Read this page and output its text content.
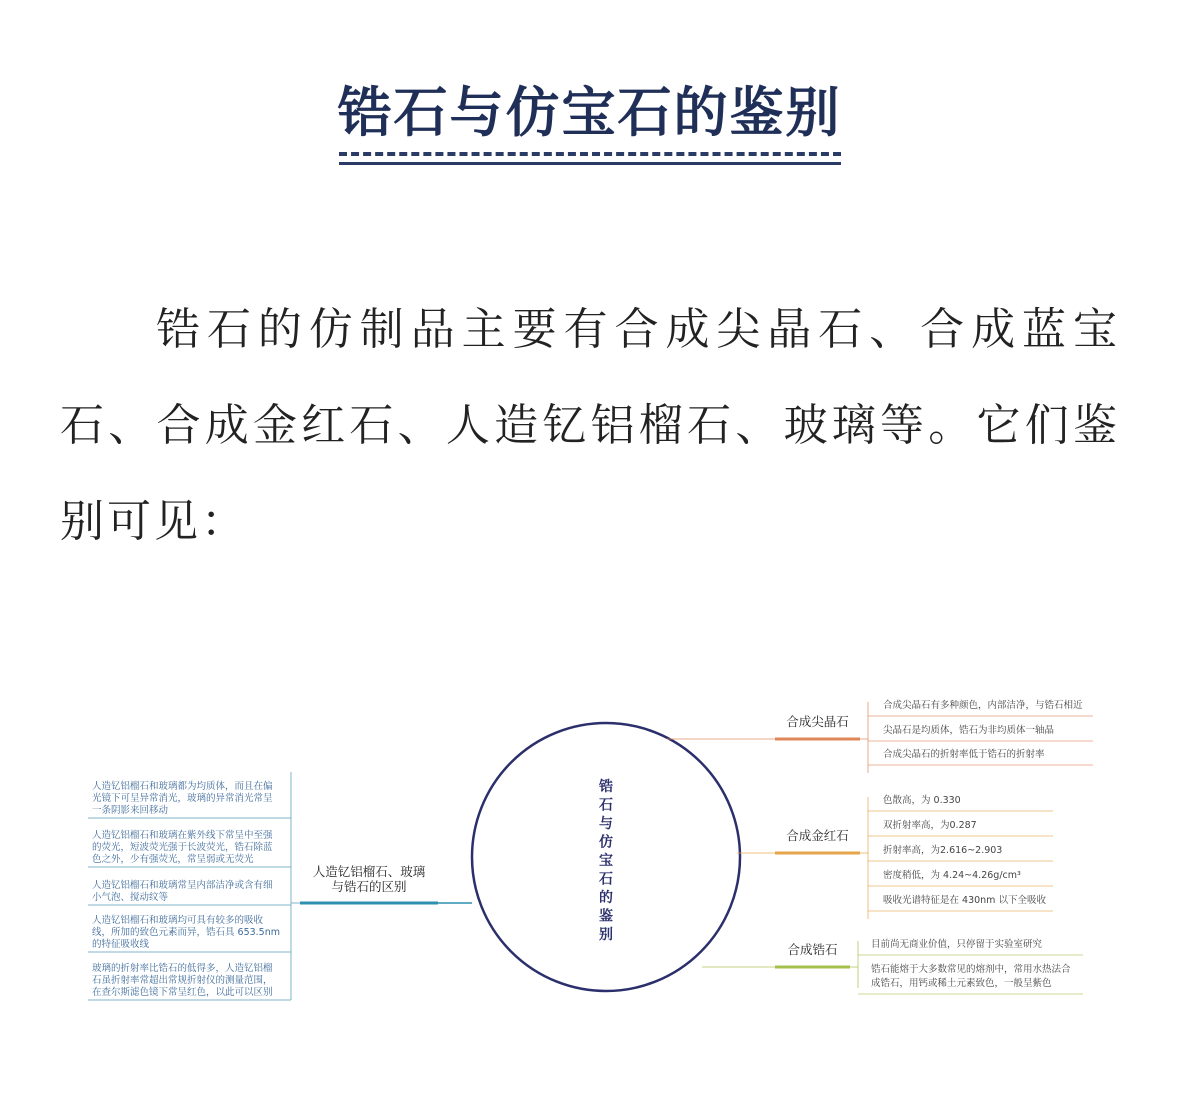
锆石与仿宝石的鉴别
锆石的仿制品主要有合成尖晶石、合成蓝宝石、合成金红石、人造钇铝榴石、玻璃等。它们鉴别可见：
锆
石
与
仿
宝
石
的
鉴
别
人造钇铝榴石、玻璃
与锆石的区别
人造钇铝榴石和玻璃都为均质体，而且在偏
光镜下可呈异常消光，玻璃的异常消光常呈
一条阴影来回移动
人造钇铝榴石和玻璃在紫外线下常呈中至强
的荧光，短波荧光强于长波荧光，锆石除蓝
色之外，少有强荧光，常呈弱或无荧光
人造钇铝榴石和玻璃常呈内部洁净或含有细
小气泡、搅动纹等
人造钇铝榴石和玻璃均可具有较多的吸收
线，所加的致色元素而异，锆石具 653.5nm
的特征吸收线
玻璃的折射率比锆石的低得多，人造钇铝榴
石虽折射率常超出常规折射仪的测量范围，
在查尔斯滤色镜下常呈红色，以此可以区别
合成尖晶石
合成尖晶石有多种颜色，内部洁净，与锆石相近
尖晶石是均质体，锆石为非均质体一轴晶
合成尖晶石的折射率低于锆石的折射率
合成金红石
色散高，为 0.330
双折射率高，为0.287
折射率高，为2.616~2.903
密度稍低，为 4.24~4.26g/cm³
吸收光谱特征是在 430nm 以下全吸收
合成锆石	目前尚无商业价值，只停留于实验室研究
锆石能熔于大多数常见的熔剂中，常用水热法合
成锆石，用钙或稀土元素致色，一般呈紫色
